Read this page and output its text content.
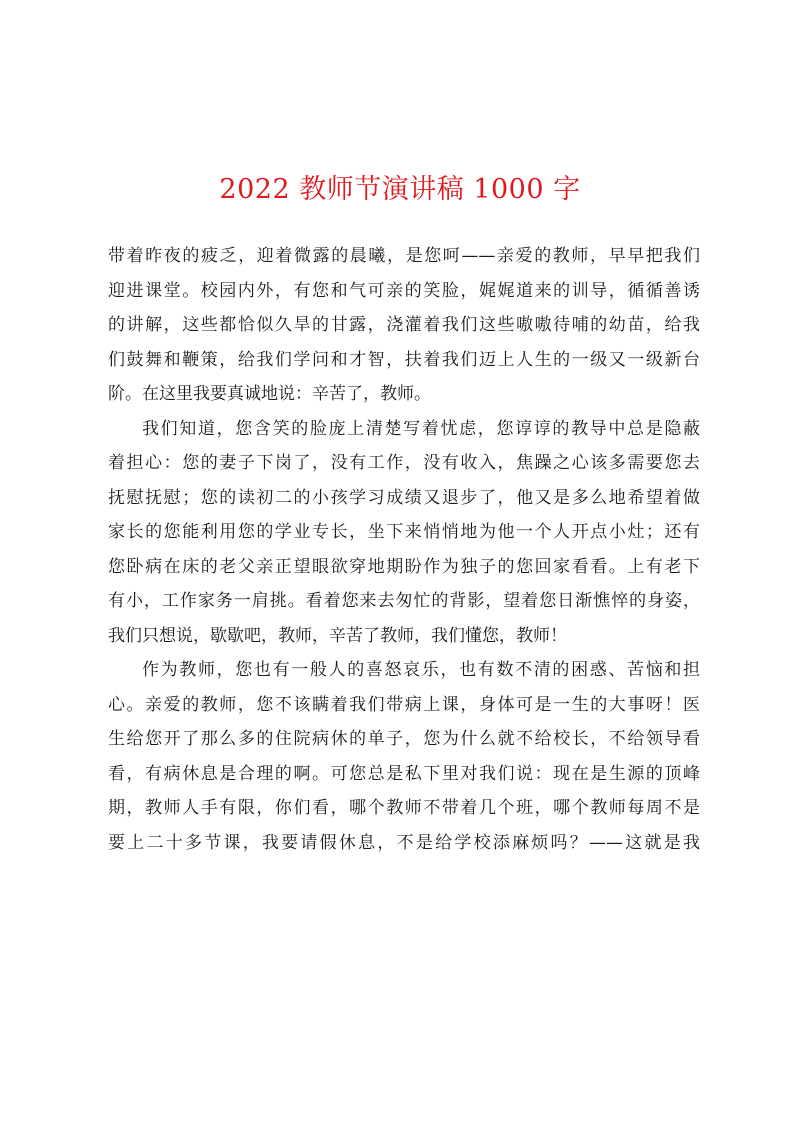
2022 教师节演讲稿 1000 字
带着昨夜的疲乏，迎着微露的晨曦，是您呵——亲爱的教师，早早把我们
迎进课堂。校园内外，有您和气可亲的笑脸，娓娓道来的训导，循循善诱
的讲解，这些都恰似久旱的甘露，浇灌着我们这些嗷嗷待哺的幼苗，给我
们鼓舞和鞭策，给我们学问和才智，扶着我们迈上人生的一级又一级新台
阶。在这里我要真诚地说：辛苦了，教师。
我们知道，您含笑的脸庞上清楚写着忧虑，您谆谆的教导中总是隐蔽
着担心：您的妻子下岗了，没有工作，没有收入，焦躁之心该多需要您去
抚慰抚慰；您的读初二的小孩学习成绩又退步了，他又是多么地希望着做
家长的您能利用您的学业专长，坐下来悄悄地为他一个人开点小灶；还有
您卧病在床的老父亲正望眼欲穿地期盼作为独子的您回家看看。上有老下
有小，工作家务一肩挑。看着您来去匆忙的背影，望着您日渐憔悴的身姿，
我们只想说，歇歇吧，教师，辛苦了教师，我们懂您，教师！
作为教师，您也有一般人的喜怒哀乐，也有数不清的困惑、苦恼和担
心。亲爱的教师，您不该瞒着我们带病上课，身体可是一生的大事呀！医
生给您开了那么多的住院病休的单子，您为什么就不给校长，不给领导看
看，有病休息是合理的啊。可您总是私下里对我们说：现在是生源的顶峰
期，教师人手有限，你们看，哪个教师不带着几个班，哪个教师每周不是
要上二十多节课，我要请假休息，不是给学校添麻烦吗？——这就是我
